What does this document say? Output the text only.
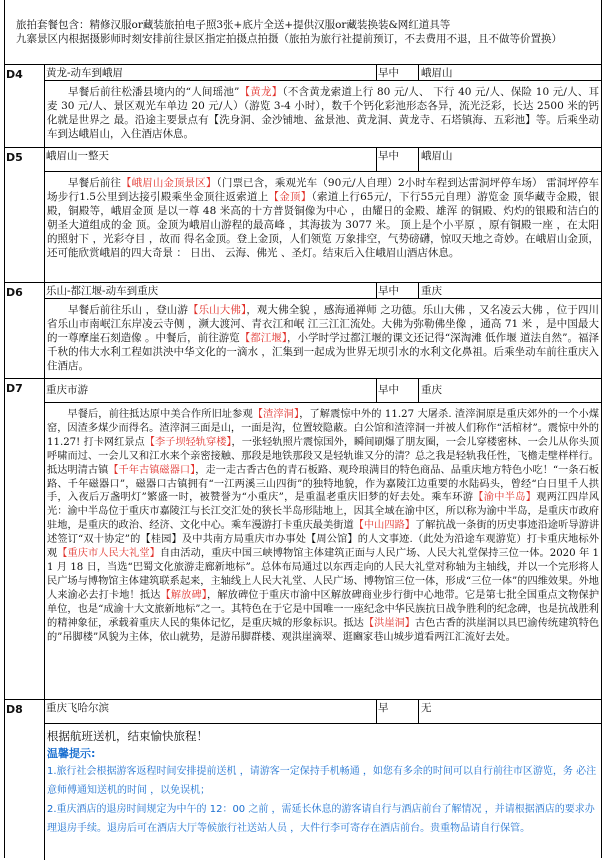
旅拍套餐包含：精修汉服or藏装旅拍电子照3张+底片全送+提供汉服or藏装换装&网红道具等
九寨景区内根据摄影师时刻安排前往景区指定拍摄点拍摄（旅拍为旅行社提前预订，不去费用不退，且不做等价置换）
D4 黄龙-动车到峨眉	早中	峨眉山
早餐后前往松潘县境内的“人间瑶池”【黄龙】（不含黄龙索道上行 80 元/人、 下行 40 元/人、保险 10 元/人、耳麦 30 元/人、景区观光车单边 20 元/人）（游览 3-4 小时），数千个钙化彩池形态各异，流光泛彩，长达 2500 米的钙化就是世界之 最。沿途主要景点有【洗身洞、金沙铺地、盆景池、黄龙洞、黄龙寺、石塔镇海、五彩池】等。后乘坐动车到达峨眉山，入住酒店休息。
D5 峨眉山一整天	早中	峨眉山
早餐后前往【峨眉山金顶景区】（门票已含，乘观光车（90元/人自理）2小时车程到达雷洞坪停车场） 雷洞坪停车场步行1.5公里到达接引殿乘坐金顶往返索道上【金顶】（索道上行65元/，下行55元自理）游览金 顶华藏寺金殿，银殿，铜殿等，峨眉金顶 是以一尊 48 米高的十方普贤铜像为中心 ，由耀日的金殿、雄浑 的铜殿、灼灼的银殿和洁白的朝圣大道组成的金 顶。金顶为峨眉山游程的最高峰 ，其海拔为 3077 米。 顶上是个小平原 ，原有铜殿一座 ，在太阳的照射下 ，光彩夺目 ，故而 得名金顶。登上金顶，人们领览 万象排空，气势磅礴，惊叹天地之奇妙。在峨眉山金顶，还可能欣赏峨眉的四大奇景 ： 日出、 云海、佛光 、圣灯。结束后入住峨眉山酒店休息。
D6 乐山-都江堰-动车到重庆	早中	重庆
早餐后前往乐山 ，登山游【乐山大佛】，观大佛全貌 ，感海通禅师 之功德。乐山大佛 ，又名凌云大佛 ，位于四川省乐山市南岷江东岸凌云寺侧 ，濒大渡河、青衣江和岷 江三江汇流处。大佛为弥勒佛坐像 ，通高 71 米 ，是中国最大的一尊摩崖石刻造像 。中餐后，前往游览【都江堰】，小学时学过都江堰的课文还记得“深淘滩 低作堰 道法自然”。福泽千秋的伟大水利工程如洪泱中华文化的一滴水 ，汇集到一起成为世界无坝引水的水利文化鼻祖。后乘坐动车前往重庆入住酒店。
D7 重庆市游	早中	重庆
早餐后，前往抵达原中美合作所旧址参观【渣滓洞】，了解震惊中外的 11.27 大屠杀. 渣滓洞原是重庆郊外的一个小煤窑，因渣多煤少而得名。渣滓洞三面是山，一面是沟，位置较隐蔽。白公馆和渣滓洞一并被人们称作“活棺材”。震惊中外的 11.27! 打卡网红景点【李子坝轻轨穿楼】，一张轻轨照片震惊国外，瞬间刷爆了朋友圈，一会儿穿楼密林、一会儿从你头顶呼啸而过、一会儿又和江水来个亲密接触、那段是地铁那段又是轻轨谁又分的清？总之我是轻轨我任性，飞檐走壁样样行。抵达明清古镇【千年古镇磁器口】，走一走古香古色的青石板路、观玲琅满目的特色商品、品重庆地方特色小吃！“一条石板路、千年磁器口”，磁器口古镇拥有“一江两溪三山四街”的独特地貌，作为嘉陵江边重要的水陆码头，曾经“白日里千人拱手，入夜后万盏明灯”繁盛一时，被赞誉为“小重庆”，是重温老重庆旧梦的好去处。乘车环游【渝中半岛】观两江四岸风光：渝中半岛位于重庆市嘉陵江与长江交汇处的狭长半岛形陆地上，因其全域在渝中区，所以称为渝中半岛，是重庆市政府驻地，是重庆的政治、经济、文化中心。乘车漫游打卡重庆最美街道【中山四路】了解抗战一条街的历史事迹沿途听导游讲述签订“双十协定”的【桂园】及中共南方局重庆市办事处【周公馆】的人文事迹.（此处为沿途车观游览）打卡重庆地标外观【重庆市人民大礼堂】自由活动，重庆中国三峡博物馆主体建筑正面与人民广场、人民大礼堂保持三位一体。2020 年 11 月 18 日，当选“巴蜀文化旅游走廊新地标”。总体布局通过以东西走向的人民大礼堂对称轴为主轴线，并以一个完形将人民广场与博物馆主体建筑联系起来，主轴线上人民大礼堂、人民广场、博物馆三位一体，形成“三位一体”的四维效果。外地人来渝必去打卡地！抵达【解放碑】，解放碑位于重庆市渝中区解放碑商业步行街中心地带。它是第七批全国重点文物保护单位，也是“成渝十大文旅新地标”之一。其特色在于它是中国唯一一座纪念中华民族抗日战争胜利的纪念碑，也是抗战胜利的精神象征，承载着重庆人民的集体记忆，是重庆城的形象标识。抵达【洪崖洞】古色古香的洪崖洞以具巴渝传统建筑特色的”吊脚楼”风貌为主体，依山就势，是游吊脚群楼、观洪崖滴翠、逛豳家巷山城步道看两江汇流好去处。
D8 重庆飞哈尔滨	早	无
根据航班送机，结束愉快旅程！
温馨提示:
1.旅行社会根据游客返程时间安排提前送机 ，请游客一定保持手机畅通 ，如您有多余的时间可以自行前往市区游览，务 必注意师傅通知送机的时间 ，以免误机；
2.重庆酒店的退房时间规定为中午的 12：00 之前 ，需延长休息的游客请自行与酒店前台了解情况 ，并请根据酒店的要求办 理退房手续。退房后可在酒店大厅等候旅行社送站人员 ，大件行李可寄存在酒店前台。贵重物品请自行保管。
